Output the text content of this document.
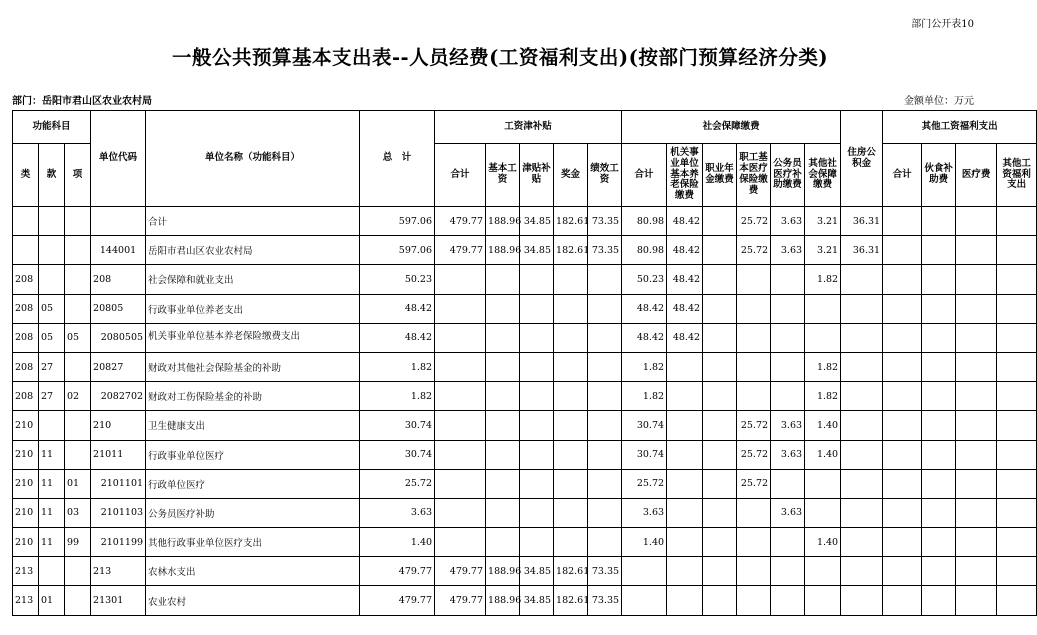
部门公开表10
一般公共预算基本支出表--人员经费(工资福利支出)(按部门预算经济分类)
部门：岳阳市君山区农业农村局	金额单位：万元
功能科目			单位代码	单位名称（功能科目）	总　计	工资津补贴					社会保障缴费						住房公积金	其他工资福利支出			
类	款	项				合计	基本工资	津贴补贴	奖金	绩效工资	合计	机关事业单位基本养老保险缴费	职业年金缴费	职工基本医疗保险缴费	公务员医疗补助缴费	其他社会保障缴费		合计	伙食补助费	医疗费	其他工资福利支出
				合计	597.06	479.77	188.96	34.85	182.61	73.35	80.98	48.42		25.72	3.63	3.21	36.31				
			144001	岳阳市君山区农业农村局	597.06	479.77	188.96	34.85	182.61	73.35	80.98	48.42		25.72	3.63	3.21	36.31				
208			208	社会保障和就业支出	50.23						50.23	48.42				1.82					
208	05		20805	行政事业单位养老支出	48.42						48.42	48.42									
208	05	05	2080505	机关事业单位基本养老保险缴费支出	48.42						48.42	48.42									
208	27		20827	财政对其他社会保险基金的补助	1.82						1.82					1.82					
208	27	02	2082702	财政对工伤保险基金的补助	1.82						1.82					1.82					
210			210	卫生健康支出	30.74						30.74			25.72	3.63	1.40					
210	11		21011	行政事业单位医疗	30.74						30.74			25.72	3.63	1.40					
210	11	01	2101101	行政单位医疗	25.72						25.72			25.72							
210	11	03	2101103	公务员医疗补助	3.63						3.63				3.63						
210	11	99	2101199	其他行政事业单位医疗支出	1.40						1.40					1.40					
213			213	农林水支出	479.77	479.77	188.96	34.85	182.61	73.35											
213	01		21301	农业农村	479.77	479.77	188.96	34.85	182.61	73.35											
